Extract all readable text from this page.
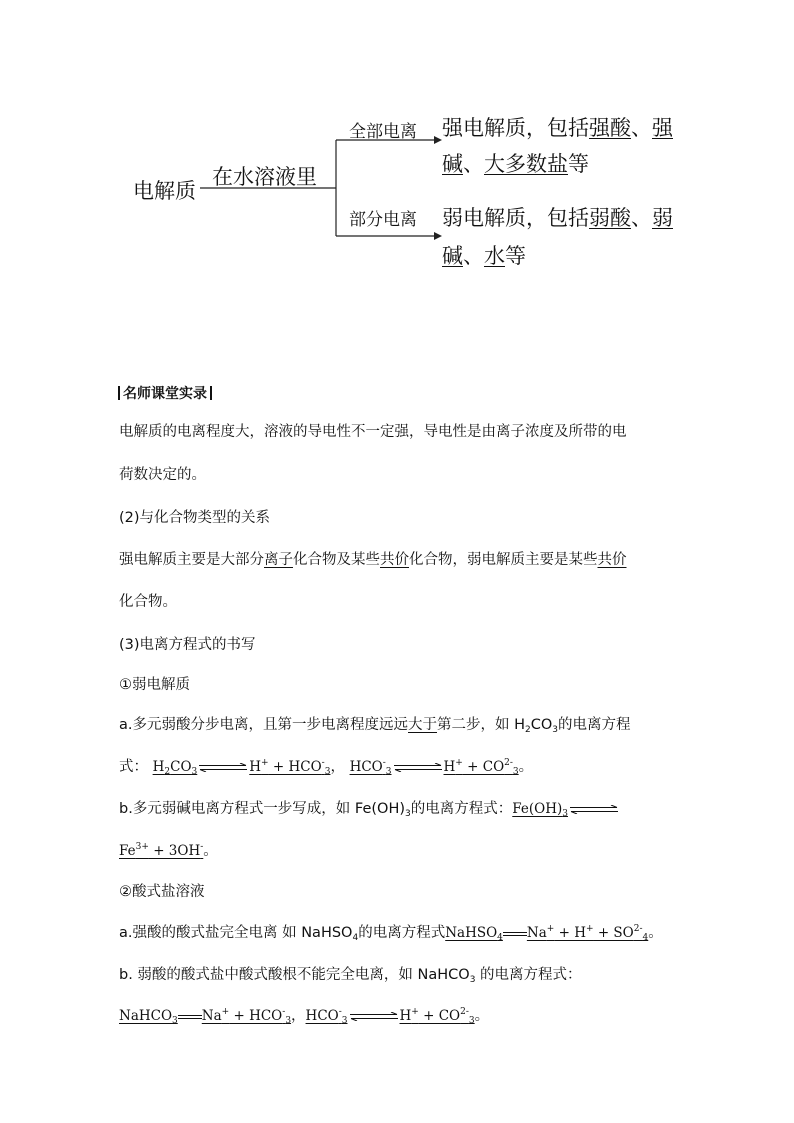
电解质
在水溶液里
全部电离
部分电离
强电解质，包括强酸、强
碱、大多数盐等
弱电解质，包括弱酸、弱
碱、水等
名师课堂实录
电解质的电离程度大，溶液的导电性不一定强，导电性是由离子浓度及所带的电
荷数决定的。
(2)与化合物类型的关系
强电解质主要是大部分离子化合物及某些共价化合物，弱电解质主要是某些共价
化合物。
(3)电离方程式的书写
①弱电解质
a.多元弱酸分步电离，且第一步电离程度远远大于第二步，如 $H_2CO_3$的电离方程
式： $H_2CO_3$ ⇌ $H^+ + HCO^-_3$， $HCO^-_3$ ⇌ $H^+ + CO^{2-}_3$。
b.多元弱碱电离方程式一步写成，如 $Fe(OH)_3$的电离方程式：$Fe(OH)_3$ ⇌
$Fe^{3+} + 3OH^-$。
②酸式盐溶液
a.强酸的酸式盐完全电离 如 NaHSO$_4$的电离方程式NaHSO$_4$ $Na^+ + H^+ + SO^{2-}_4$。
b. 弱酸的酸式盐中酸式酸根不能完全电离，如 NaHCO$_3$ 的电离方程式：
NaHCO$_3$ $Na^+ + HCO^-_3$，$HCO^-_3$ ⇌ $H^+ + CO^{2-}_3$。
